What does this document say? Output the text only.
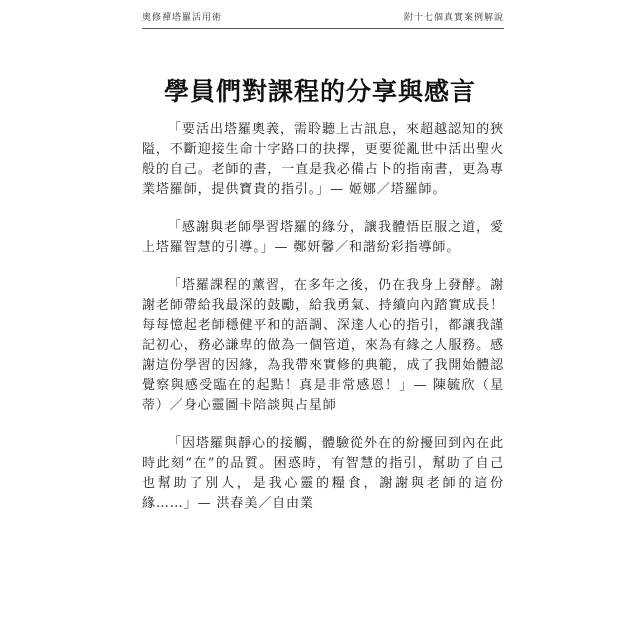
奧修禪塔羅活用術	附十七個真實案例解說
學員們對課程的分享與感言

「要活出塔羅奧義，需聆聽上古訊息，來超越認知的狹隘，不斷迎接生命十字路口的抉擇，更要從亂世中活出聖火般的自己。老師的書，一直是我必備占卜的指南書，更為專業塔羅師，提供寶貴的指引。」— 姬娜／塔羅師。

「感謝與老師學習塔羅的緣分，讓我體悟臣服之道，愛上塔羅智慧的引導。」— 鄭妍馨／和諧紛彩指導師。

「塔羅課程的薰習，在多年之後，仍在我身上發酵。謝謝老師帶給我最深的鼓勵，給我勇氣、持續向內踏實成長！每每憶起老師穩健平和的語調、深達人心的指引，都讓我謹記初心，務必謙卑的做為一個管道，來為有緣之人服務。感謝這份學習的因緣，為我帶來實修的典範，成了我開始體認覺察與感受臨在的起點！真是非常感恩！」— 陳毓欣（星蒂）／身心靈圖卡陪談與占星師

「因塔羅與靜心的接觸，體驗從外在的紛擾回到內在此時此刻“在”的品質。困惑時，有智慧的指引，幫助了自己也幫助了別人，是我心靈的糧食，謝謝與老師的這份緣……」— 洪春美／自由業
